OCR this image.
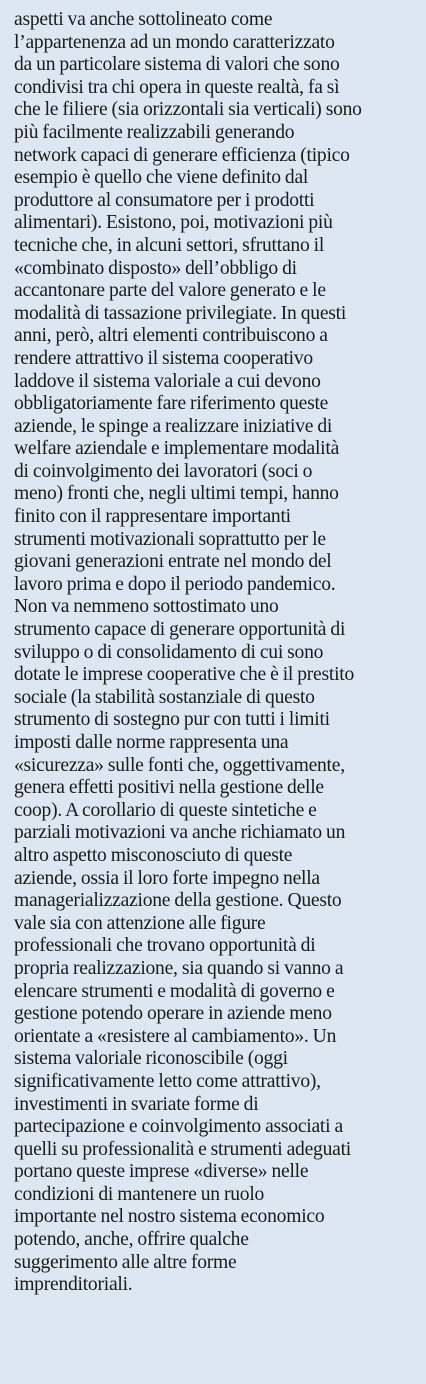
aspetti va anche sottolineato come
l’appartenenza ad un mondo caratterizzato
da un particolare sistema di valori che sono
condivisi tra chi opera in queste realtà, fa sì
che le filiere (sia orizzontali sia verticali) sono
più facilmente realizzabili generando
network capaci di generare efficienza (tipico
esempio è quello che viene definito dal
produttore al consumatore per i prodotti
alimentari). Esistono, poi, motivazioni più
tecniche che, in alcuni settori, sfruttano il
«combinato disposto» dell’obbligo di
accantonare parte del valore generato e le
modalità di tassazione privilegiate. In questi
anni, però, altri elementi contribuiscono a
rendere attrattivo il sistema cooperativo
laddove il sistema valoriale a cui devono
obbligatoriamente fare riferimento queste
aziende, le spinge a realizzare iniziative di
welfare aziendale e implementare modalità
di coinvolgimento dei lavoratori (soci o
meno) fronti che, negli ultimi tempi, hanno
finito con il rappresentare importanti
strumenti motivazionali soprattutto per le
giovani generazioni entrate nel mondo del
lavoro prima e dopo il periodo pandemico.
Non va nemmeno sottostimato uno
strumento capace di generare opportunità di
sviluppo o di consolidamento di cui sono
dotate le imprese cooperative che è il prestito
sociale (la stabilità sostanziale di questo
strumento di sostegno pur con tutti i limiti
imposti dalle norme rappresenta una
«sicurezza» sulle fonti che, oggettivamente,
genera effetti positivi nella gestione delle
coop). A corollario di queste sintetiche e
parziali motivazioni va anche richiamato un
altro aspetto misconosciuto di queste
aziende, ossia il loro forte impegno nella
managerializzazione della gestione. Questo
vale sia con attenzione alle figure
professionali che trovano opportunità di
propria realizzazione, sia quando si vanno a
elencare strumenti e modalità di governo e
gestione potendo operare in aziende meno
orientate a «resistere al cambiamento». Un
sistema valoriale riconoscibile (oggi
significativamente letto come attrattivo),
investimenti in svariate forme di
partecipazione e coinvolgimento associati a
quelli su professionalità e strumenti adeguati
portano queste imprese «diverse» nelle
condizioni di mantenere un ruolo
importante nel nostro sistema economico
potendo, anche, offrire qualche
suggerimento alle altre forme
imprenditoriali.
